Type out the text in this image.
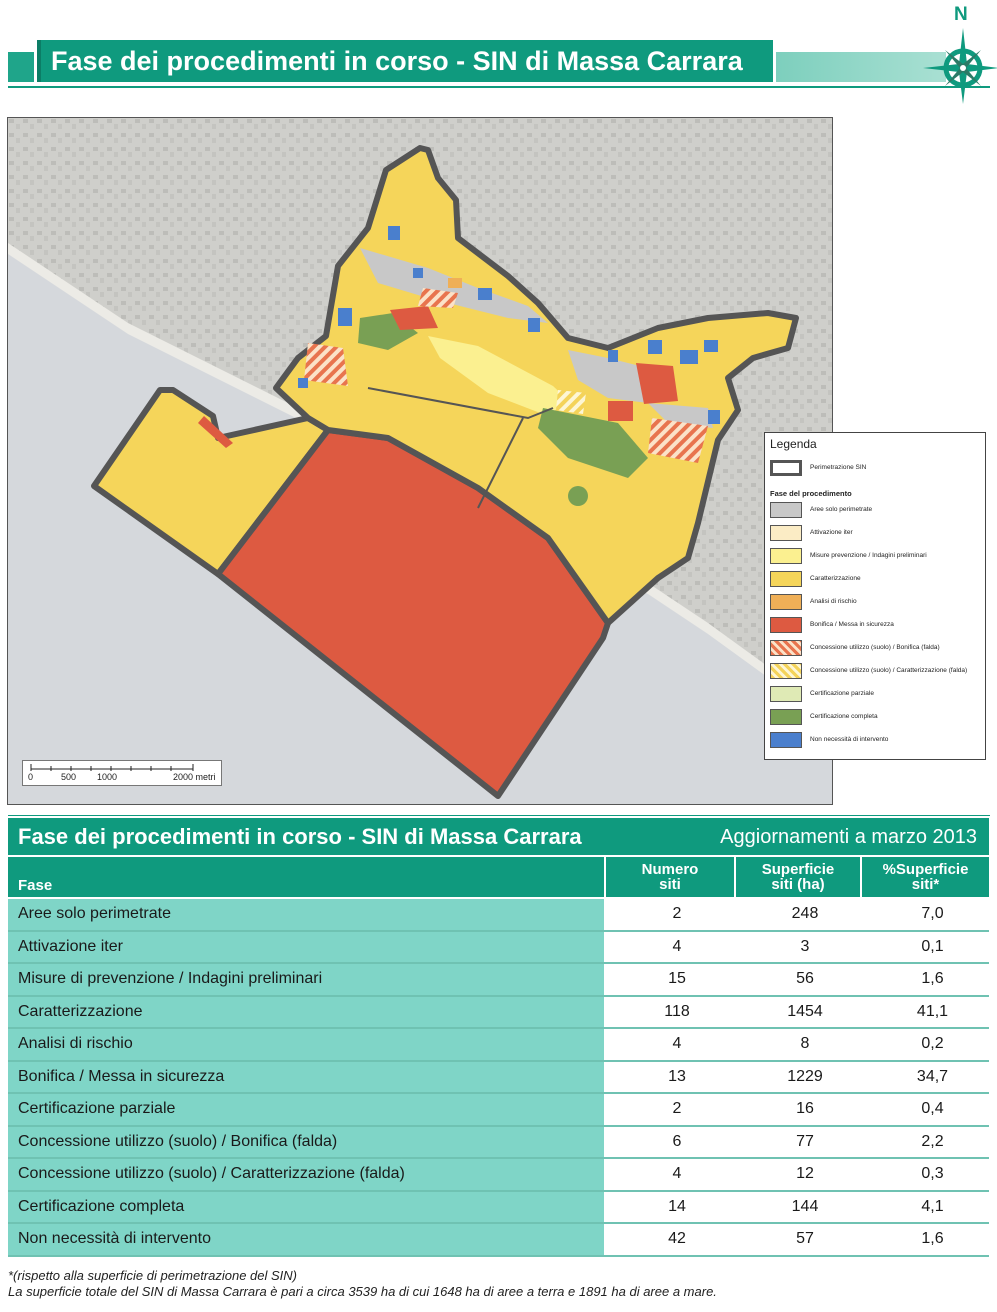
Fase dei procedimenti in corso - SIN di Massa Carrara
N
0	500 1000	2000 metri
Legenda
Perimetrazione SIN
Fase del procedimento
Aree solo perimetrate
Attivazione iter
Misure prevenzione / Indagini preliminari
Caratterizzazione
Analisi di rischio
Bonifica / Messa in sicurezza
Concessione utilizzo (suolo) / Bonifica (falda)
Concessione utilizzo (suolo) / Caratterizzazione (falda)
Certificazione parziale
Certificazione completa
Non necessità di intervento
Fase dei procedimenti in corso - SIN di Massa Carrara	Aggiornamenti a marzo 2013
Fase
Numero
siti
Superficie
siti (ha)
%Superficie
siti*
Aree solo perimetrate	2	248	7,0
Attivazione iter	4	3	0,1
Misure di prevenzione / Indagini preliminari	15	56	1,6
Caratterizzazione	118	1454	41,1
Analisi di rischio	4	8	0,2
Bonifica / Messa in sicurezza	13	1229	34,7
Certificazione parziale	2	16	0,4
Concessione utilizzo (suolo) / Bonifica (falda)	6	77	2,2
Concessione utilizzo (suolo) / Caratterizzazione (falda)	4	12	0,3
Certificazione completa	14	144	4,1
Non necessità di intervento	42	57	1,6
*(rispetto alla superficie di perimetrazione del SIN)
La superficie totale del SIN di Massa Carrara è pari a circa 3539 ha di cui 1648 ha di aree a terra e 1891 ha di aree a mare.
